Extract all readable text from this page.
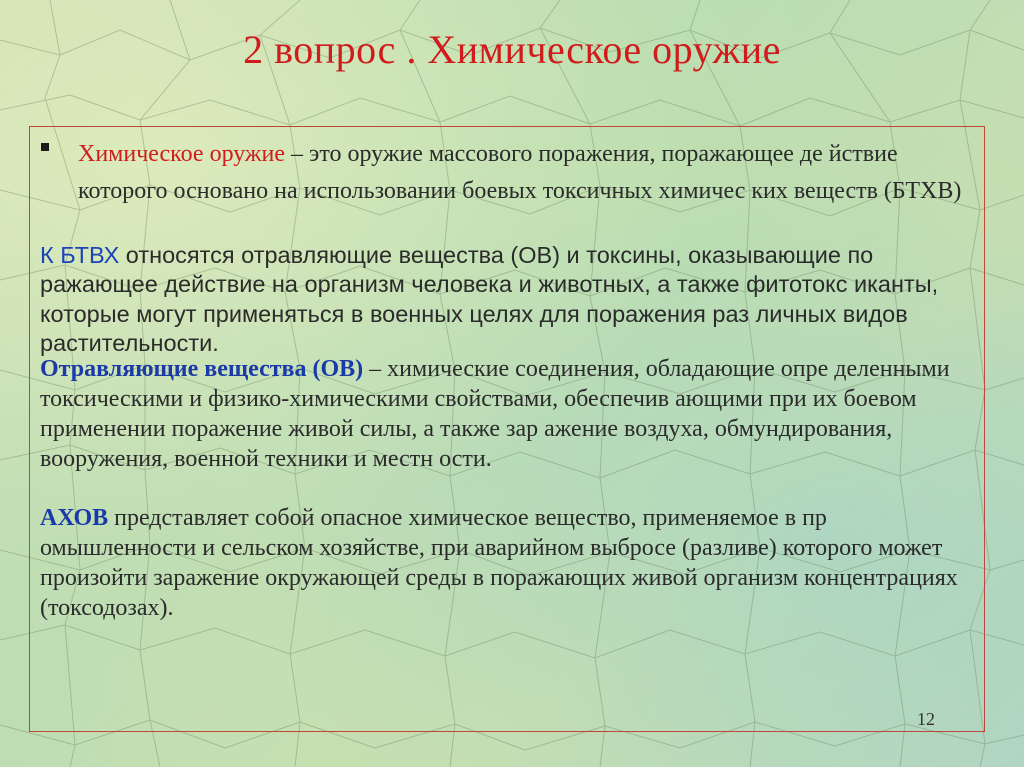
2 вопрос . Химическое оружие

Химическое оружие – это оружие массового поражения, поражающее де йствие которого основано на использовании боевых токсичных химичес ких веществ (БТХВ)

К БТВХ относятся отравляющие вещества (ОВ) и токсины, оказывающие по ражающее действие на организм человека и животных, а также фитотокс иканты, которые могут применяться в военных целях для поражения раз личных видов растительности.

Отравляющие вещества (ОВ) – химические соединения, обладающие опре деленными токсическими и физико-химическими свойствами, обеспечив ающими при их боевом применении поражение живой силы, а также зар ажение воздуха, обмундирования, вооружения, военной техники и местн ости.

АХОВ представляет собой опасное химическое вещество, применяемое в пр омышленности и сельском хозяйстве, при аварийном выбросе (разливе) которого может произойти заражение окружающей среды в поражающих живой организм концентрациях (токсодозах).

12
